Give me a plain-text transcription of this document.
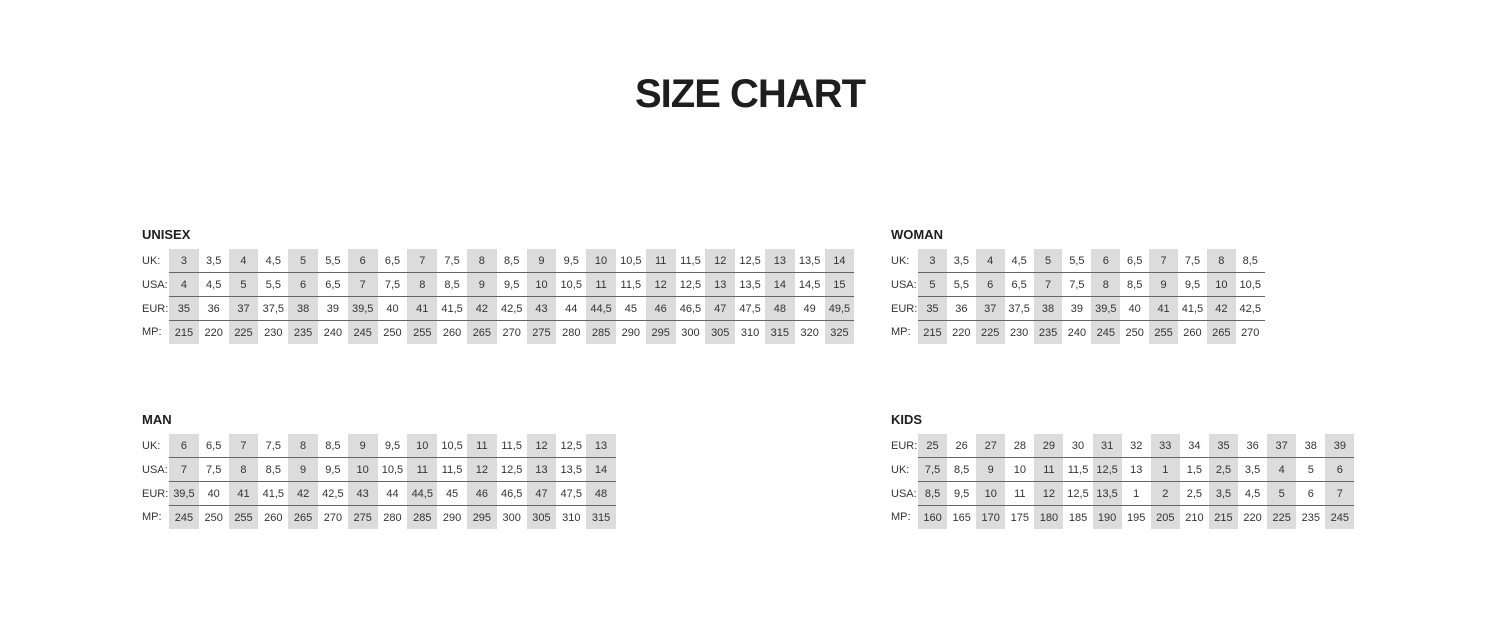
SIZE CHART
UNISEX
UK:	3	3,5	4	4,5	5	5,5	6	6,5	7	7,5	8	8,5	9	9,5	10	10,5	11	11,5	12	12,5	13	13,5	14
USA:	4	4,5	5	5,5	6	6,5	7	7,5	8	8,5	9	9,5	10	10,5	11	11,5	12	12,5	13	13,5	14	14,5	15
EUR:	35	36	37	37,5	38	39	39,5	40	41	41,5	42	42,5	43	44	44,5	45	46	46,5	47	47,5	48	49	49,5
MP:	215	220	225	230	235	240	245	250	255	260	265	270	275	280	285	290	295	300	305	310	315	320	325
WOMAN
UK:	3	3,5	4	4,5	5	5,5	6	6,5	7	7,5	8	8,5
USA:	5	5,5	6	6,5	7	7,5	8	8,5	9	9,5	10	10,5
EUR:	35	36	37	37,5	38	39	39,5	40	41	41,5	42	42,5
MP:	215	220	225	230	235	240	245	250	255	260	265	270
MAN
UK:	6	6,5	7	7,5	8	8,5	9	9,5	10	10,5	11	11,5	12	12,5	13
USA:	7	7,5	8	8,5	9	9,5	10	10,5	11	11,5	12	12,5	13	13,5	14
EUR:	39,5	40	41	41,5	42	42,5	43	44	44,5	45	46	46,5	47	47,5	48
MP:	245	250	255	260	265	270	275	280	285	290	295	300	305	310	315
KIDS
EUR:	25	26	27	28	29	30	31	32	33	34	35	36	37	38	39
UK:	7,5	8,5	9	10	11	11,5	12,5	13	1	1,5	2,5	3,5	4	5	6
USA:	8,5	9,5	10	11	12	12,5	13,5	1	2	2,5	3,5	4,5	5	6	7
MP:	160	165	170	175	180	185	190	195	205	210	215	220	225	235	245
